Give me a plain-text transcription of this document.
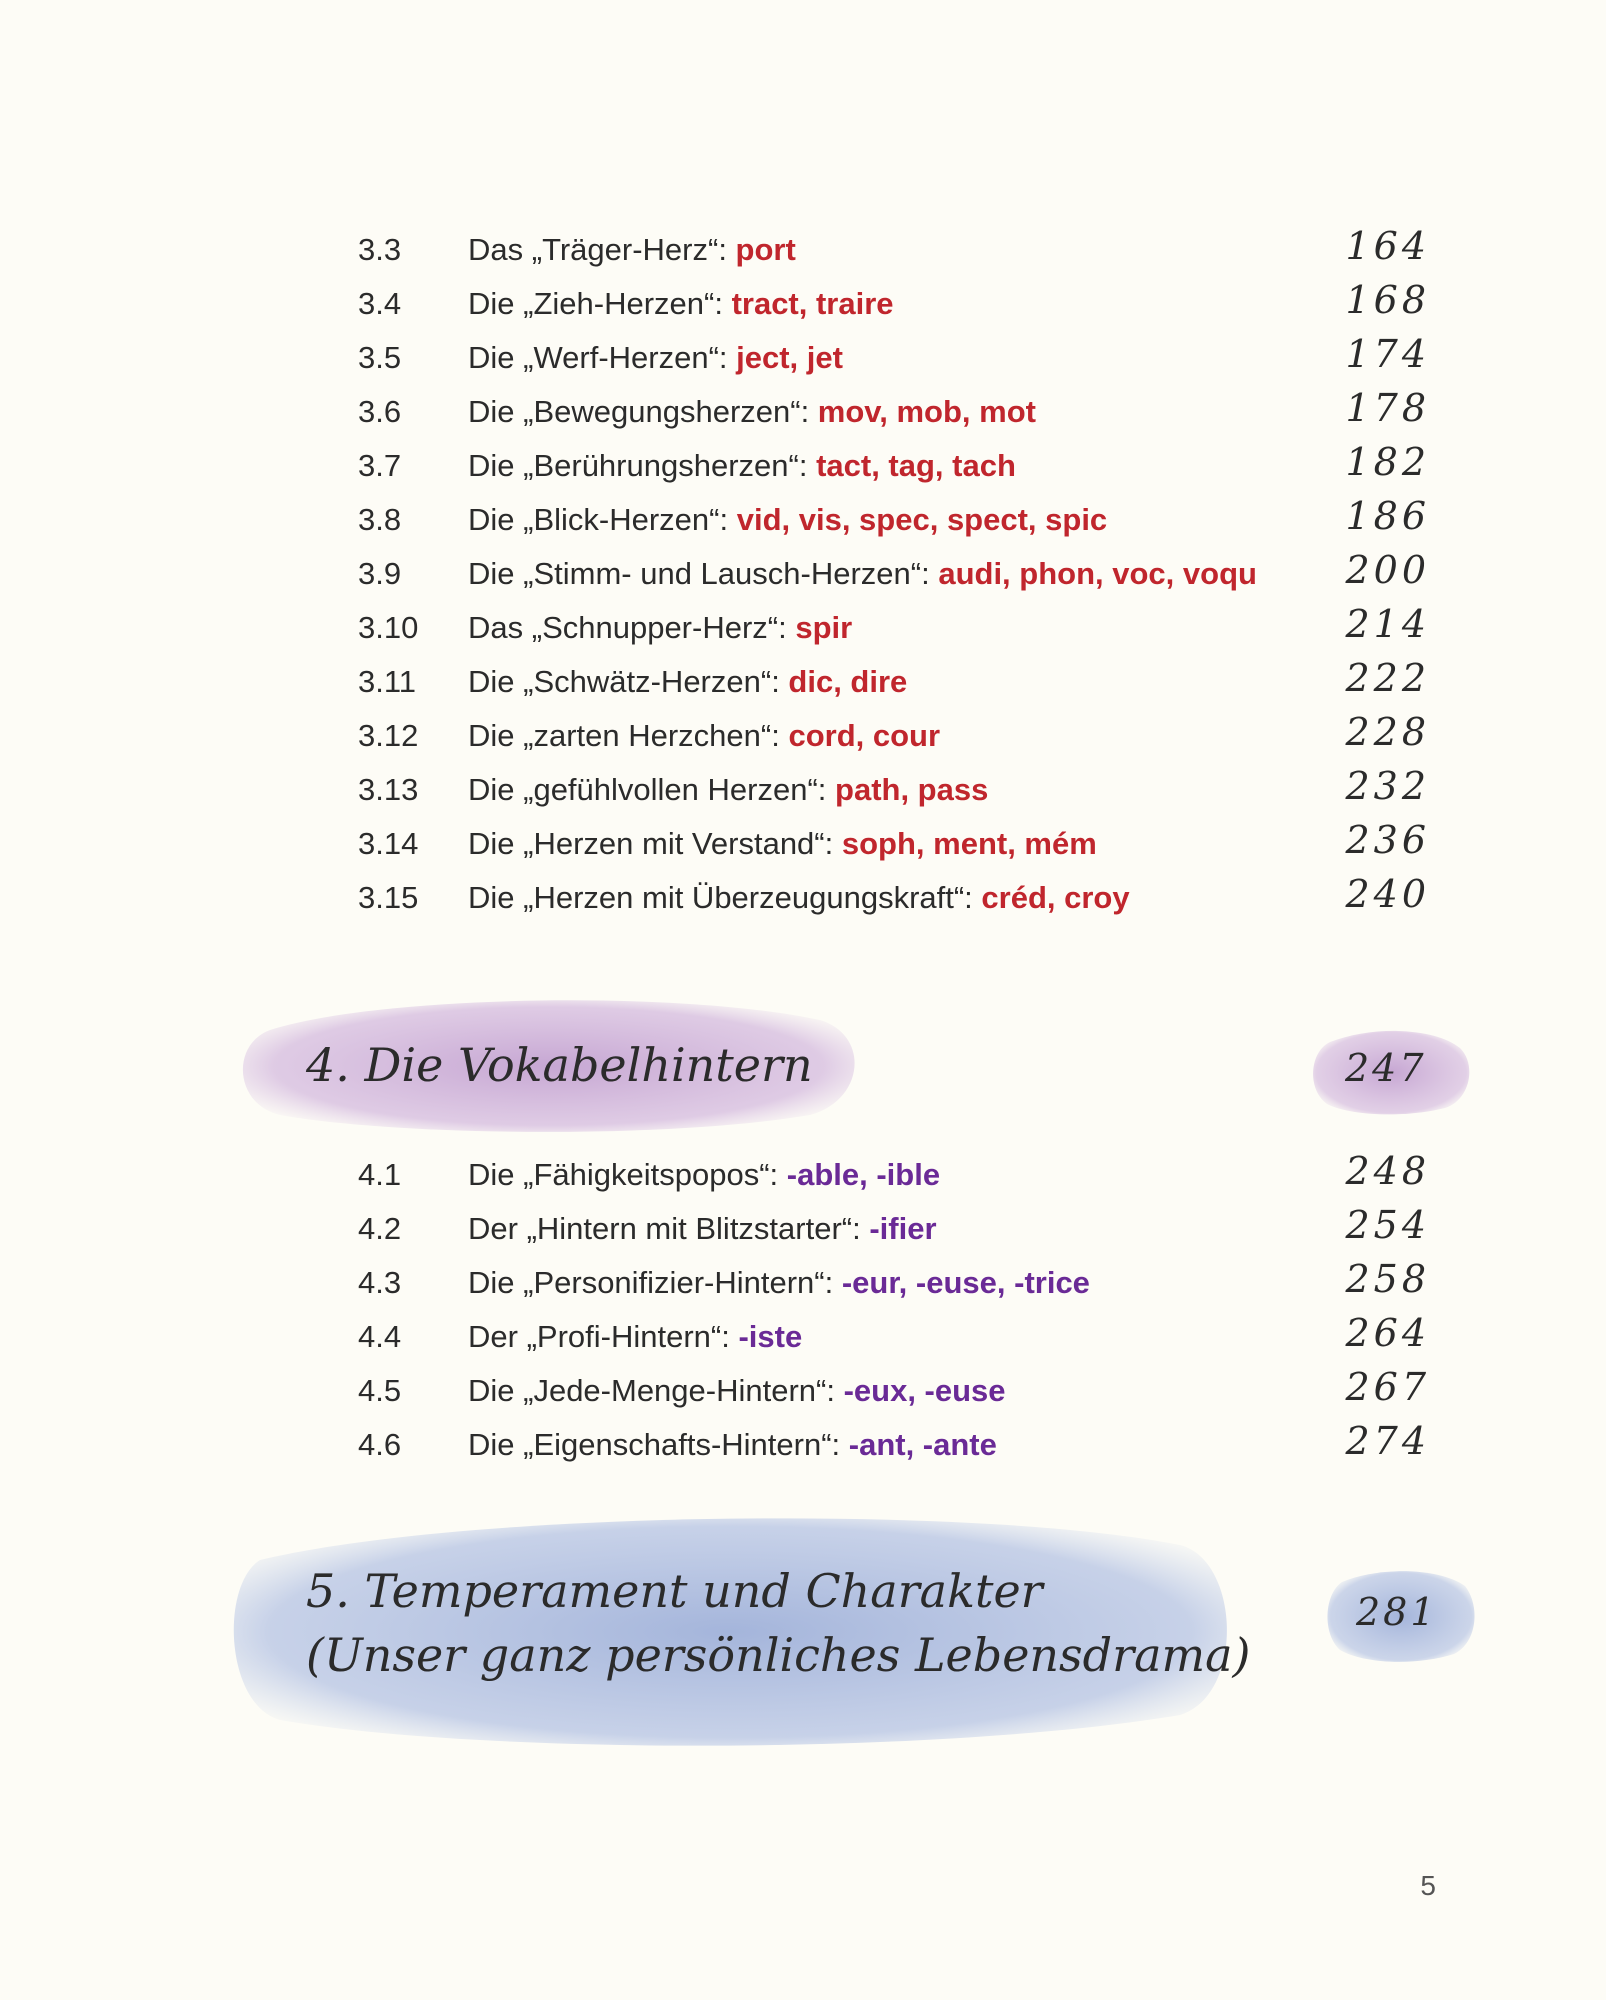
3.3 Das „Träger-Herz“: port	164
3.4 Die „Zieh-Herzen“: tract, traire	168
3.5 Die „Werf-Herzen“: ject, jet	174
3.6 Die „Bewegungsherzen“: mov, mob, mot	178
3.7 Die „Berührungsherzen“: tact, tag, tach	182
3.8 Die „Blick-Herzen“: vid, vis, spec, spect, spic	186
3.9 Die „Stimm- und Lausch-Herzen“: audi, phon, voc, voqu 200
3.10 Das „Schnupper-Herz“: spir	214
3.11 Die „Schwätz-Herzen“: dic, dire	222
3.12 Die „zarten Herzchen“: cord, cour	228
3.13 Die „gefühlvollen Herzen“: path, pass	232
3.14 Die „Herzen mit Verstand“: soph, ment, mém	236
3.15 Die „Herzen mit Überzeugungskraft“: créd, croy	240
4. Die Vokabelhintern	247
4.1 Die „Fähigkeitspopos“: -able, -ible	248
4.2 Der „Hintern mit Blitzstarter“: -ifier	254
4.3 Die „Personifizier-Hintern“: -eur, -euse, -trice	258
4.4 Der „Profi-Hintern“: -iste	264
4.5 Die „Jede-Menge-Hintern“: -eux, -euse	267
4.6 Die „Eigenschafts-Hintern“: -ant, -ante	274
5. Temperament und Charakter
(Unser ganz persönliches Lebensdrama)
281
5
